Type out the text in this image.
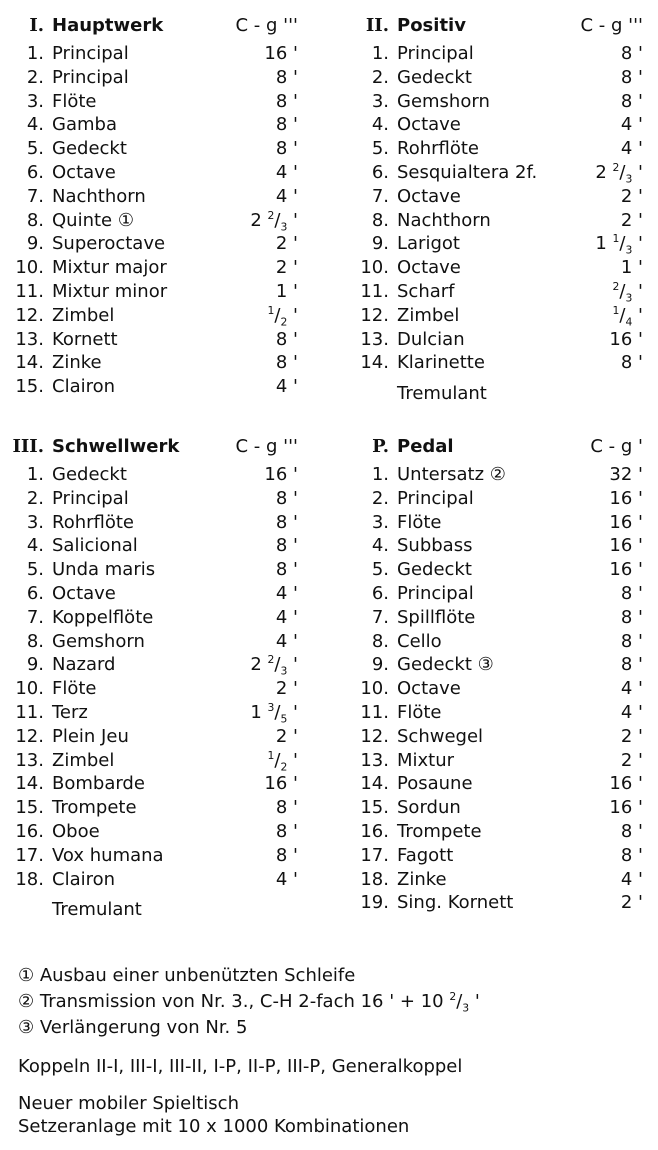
I. Hauptwerk	C - g '''
1. Principal	16 '
2. Principal	8 '
3. Flöte	8 '
4. Gamba	8 '
5. Gedeckt	8 '
6. Octave	4 '
7. Nachthorn	4 '
8. Quinte ①	2 $^2/_3$ '
9. Superoctave	2 '
10. Mixtur major	2 '
11. Mixtur minor	1 '
12. Zimbel	$^1/_2$ '
13. Kornett	8 '
14. Zinke	8 '
15. Clairon	4 '
II. Positiv	C - g '''
1. Principal	8 '
2. Gedeckt	8 '
3. Gemshorn	8 '
4. Octave	4 '
5. Rohrflöte	4 '
6. Sesquialtera 2f.	2 $^2/_3$ '
7. Octave	2 '
8. Nachthorn	2 '
9. Larigot	1 $^1/_3$ '
10. Octave	1 '
11. Scharf	$^2/_3$ '
12. Zimbel	$^1/_4$ '
13. Dulcian	16 '
14. Klarinette	8 '
Tremulant
III. Schwellwerk	C - g '''
1. Gedeckt	16 '
2. Principal	8 '
3. Rohrflöte	8 '
4. Salicional	8 '
5. Unda maris	8 '
6. Octave	4 '
7. Koppelflöte	4 '
8. Gemshorn	4 '
9. Nazard	2 $^2/_3$ '
10. Flöte	2 '
11. Terz	1 $^3/_5$ '
12. Plein Jeu	2 '
13. Zimbel	$^1/_2$ '
14. Bombarde	16 '
15. Trompete	8 '
16. Oboe	8 '
17. Vox humana	8 '
18. Clairon	4 '
Tremulant
P. Pedal	C - g '
1. Untersatz ②	32 '
2. Principal	16 '
3. Flöte	16 '
4. Subbass	16 '
5. Gedeckt	16 '
6. Principal	8 '
7. Spillflöte	8 '
8. Cello	8 '
9. Gedeckt ③	8 '
10. Octave	4 '
11. Flöte	4 '
12. Schwegel	2 '
13. Mixtur	2 '
14. Posaune	16 '
15. Sordun	16 '
16. Trompete	8 '
17. Fagott	8 '
18. Zinke	4 '
19. Sing. Kornett	2 '
① Ausbau einer unbenützten Schleife
② Transmission von Nr. 3., C-H 2-fach 16 ' + 10 $^2/_3$ '
③ Verlängerung von Nr. 5
Koppeln II-I, III-I, III-II, I-P, II-P, III-P, Generalkoppel
Neuer mobiler Spieltisch
Setzeranlage mit 10 x 1000 Kombinationen
